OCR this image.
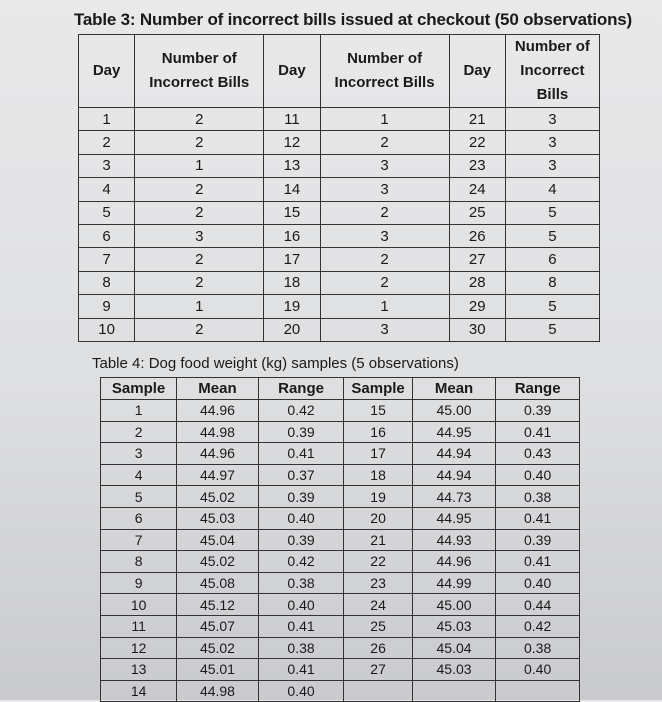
Table 3: Number of incorrect bills issued at checkout (50 observations)
Day	Number of Incorrect Bills	Day	Number of Incorrect Bills	Day	Number of Incorrect Bills
1	2	11	1	21	3
2	2	12	2	22	3
3	1	13	3	23	3
4	2	14	3	24	4
5	2	15	2	25	5
6	3	16	3	26	5
7	2	17	2	27	6
8	2	18	2	28	8
9	1	19	1	29	5
10	2	20	3	30	5
Table 4: Dog food weight (kg) samples (5 observations)
Sample	Mean	Range	Sample	Mean	Range
1	44.96	0.42	15	45.00	0.39
2	44.98	0.39	16	44.95	0.41
3	44.96	0.41	17	44.94	0.43
4	44.97	0.37	18	44.94	0.40
5	45.02	0.39	19	44.73	0.38
6	45.03	0.40	20	44.95	0.41
7	45.04	0.39	21	44.93	0.39
8	45.02	0.42	22	44.96	0.41
9	45.08	0.38	23	44.99	0.40
10	45.12	0.40	24	45.00	0.44
11	45.07	0.41	25	45.03	0.42
12	45.02	0.38	26	45.04	0.38
13	45.01	0.41	27	45.03	0.40
14	44.98	0.40			
